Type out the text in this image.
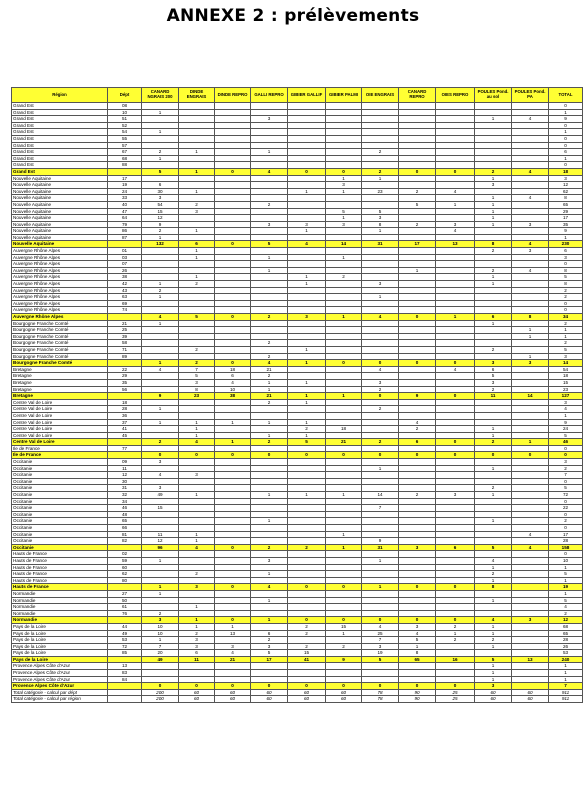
ANNEXE 2 : prélèvements
Région	Dépt	CANARD NGRAIS 200	DINDE ENGRAIS	DINDE REPRO	GALLI REPRO	GIBIER GALLIF	GIBIER PALMI	OIE ENGRAIS	CANARD REPRO	OIES REPRO	POULES Pond. au sol	POULES Pond. PA	TOTAL
Grand Est	08												0
Grand Est	10	1											1
Grand Est	51				3						1	4	9
Grand Est	52												0
Grand Est	54	1											1
Grand Est	55												0
Grand Est	57												0
Grand Est	67	2	1		1			2					6
Grand Est	68	1											1
Grand Est	88												0
Grand Est		5	1	0	4	0	0	2	0	0	2	4	18
Nouvelle Aquitaine	17						1	1			1		3
Nouvelle Aquitaine	19	6					3				3		12
Nouvelle Aquitaine	24	30	1			1	1	23	2	4			62
Nouvelle Aquitaine	33	3									1	4	8
Nouvelle Aquitaine	40	54	2		2				5	1	1		65
Nouvelle Aquitaine	47	15	3				5	5			1		29
Nouvelle Aquitaine	64	12					1	3			1		17
Nouvelle Aquitaine	79	9			3	3	3	8	2	3	1	3	35
Nouvelle Aquitaine	86	2	1			1		1		4			9
Nouvelle Aquitaine	87	1											1
Nouvelle Aquitaine		132	6	0	5	4	14	31	17	13	8	4	230
Auvergne Rhône Alpes	01		1								2	3	6
Auvergne Rhône Alpes	03		1		1		1						3
Auvergne Rhône Alpes	07												0
Auvergne Rhône Alpes	26				1				1		2	4	8
Auvergne Rhône Alpes	38		1			1	2				1		5
Auvergne Rhône Alpes	42	1	2			1		3			1		8
Auvergne Rhône Alpes	43	2											2
Auvergne Rhône Alpes	63	1						1					2
Auvergne Rhône Alpes	69												0
Auvergne Rhône Alpes	74												0
Auvergne Rhône Alpes		4	5	0	2	3	1	4	0	1	6	8	34
Bourgogne Franche Comté	21	1									1		2
Bourgogne Franche Comté	25											1	1
Bourgogne Franche Comté	39											1	1
Bourgogne Franche Comté	58				2								2
Bourgogne Franche Comté	71		2			1					2		5
Bourgogne Franche Comté	89				2							1	3
Bourgogne Franche Comté		1	2	0	4	1	0	0	0	0	3	3	14
Bretagne	22	4	7	18	21			4		4	6		54
Bretagne	29		5	6	2						5		18
Bretagne	35		3	4	1	1		3			3		15
Bretagne	56		8	10	1			2			2		23
Bretagne		9	23	38	21	1	1	0	9	0	11	14	127
Centre Val de Loire	18				2	1							3
Centre Val de Loire	28	1						2					4
Centre Val de Loire	36												1
Centre Val de Loire	37	1	1	1	1	1			4				9
Centre Val de Loire	41		1			2	18		2		1		24
Centre Val de Loire	45		1		1	1					1		5
Centre Val de Loire		2	4	1	2	5	21	2	6	0	2	1	46
Ile de France	77												0
Ile de France		0	0	0	0	0	0	0	0	0	0	0	0
Occitanie	09	3											3
Occitanie	11							1			1		2
Occitanie	12	4	3										7
Occitanie	30												0
Occitanie	31	3									2		5
Occitanie	32	49	1		1	1	1	14	2	3	1		72
Occitanie	34												0
Occitanie	46	15						7					22
Occitanie	48												0
Occitanie	65				1						1		2
Occitanie	66												0
Occitanie	81	11	1				1					4	17
Occitanie	82	12	1					9					28
Occitanie		96	4	0	2	2	1	31	3	6	5	4	158
Hauts de France	02												0
Hauts de France	59	1			3			1			4		10
Hauts de France	60										1		1
Hauts de France	62		2		1						2		5
Hauts de France	80										1		1
Hauts de France		1	3	0	4	0	0	1	0	0	8		19
Normandie	27	1											1
Normandie	50				1						1		5
Normandie	61		1										4
Normandie	76	2											2
Normandie		3	1	0	1	0	0	0	0	0	4	3	12
Pays de la Loire	44	10	1	1		2	15	4	3	2	1		68
Pays de la Loire	49	10	2	13	6	2	1	25	4	1	1		65
Pays de la Loire	53	1	3		2			7	5	2	2		28
Pays de la Loire	72	7	3	3	3	2	2	3	1		1		26
Pays de la Loire	85	20	6	4	5	15		19	8				53
Pays de la Loire		49	11	21	17	41	9	5	65	16	5	13	240
Provence Alpes Côte d'Azur	13										1		1
Provence Alpes Côte d'Azur	83										1		1
Provence Alpes Côte d'Azur	84										1		1
Provence Alpes Côte d'Azur		0	0	0	0	0	0	0	0	0	3		7
Total catégorie - calcul par dépt		200	60	60	60	60	60	78	90	25	60	60	911
Total catégorie - calcul par région		200	60	60	60	60	60	78	90	25	60	60	911
